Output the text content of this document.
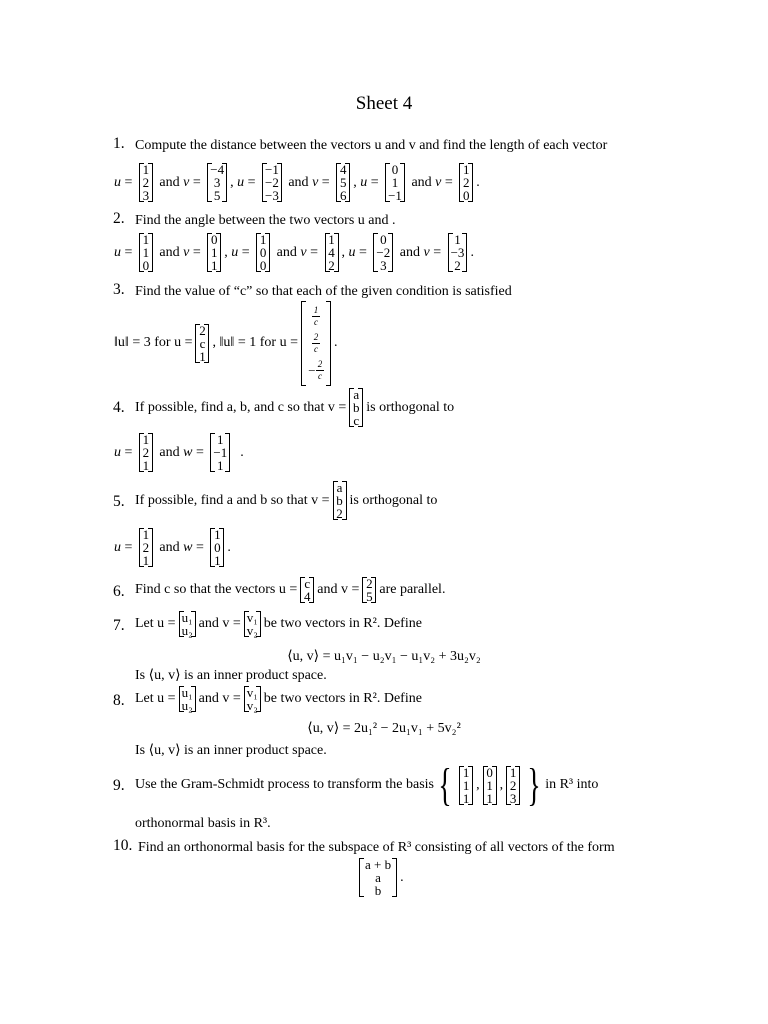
Sheet 4
1. Compute the distance between the vectors u and v and find the length of each vector
u =
1
2
3
and v =
−4
3
5
, u =
−1
−2
−3
and v =
4
5
6
, u =
0
1
−1
and v =
1
2
0
.
2. Find the angle between the two vectors u and .
u =
1
1
0
and v =
0
1
1
, u =
1
0
0
and v =
1
4
2
, u =
0
−2
3
and v =
1
−3
2
.
3. Find the value of “c” so that each of the given condition is satisfied
‖u‖ = 3 for u =
2
c
1
, ‖u‖ = 1 for u =
$\frac{1}{c}$
$\frac{2}{c}$
− $\frac{2}{c}$
.
4. If possible, find a, b, and c so that v =
a
b
c
is orthogonal to
u =
1
2
1
and w =
1
−1
1
.
5. If possible, find a and b so that v =
a
b
2
is orthogonal to
u =
1
2
1
and w =
1
0
1
.
6. Find c so that the vectors u = c
4 and v = 2
5 are parallel.
7. Let u = u₁
u₂ and v = v₁
v₂ be two vectors in R². Define
⟨u, v⟩ = u₁v₁ − u₂v₁ − u₁v₂ + 3u₂v₂
Is ⟨u, v⟩ is an inner product space.
8. Let u = u₁
u₂ and v = v₁
v₂ be two vectors in R². Define
⟨u, v⟩ = 2u₁² − 2u₁v₁ + 5v₂²
Is ⟨u, v⟩ is an inner product space.
9. Use the Gram-Schmidt process to transform the basis { 1
1
1
,
0
1
1
,
1
2
3 } in R³ into
orthonormal basis in R³.
10. Find an orthonormal basis for the subspace of R³ consisting of all vectors of the form
a + b
a
b
.
